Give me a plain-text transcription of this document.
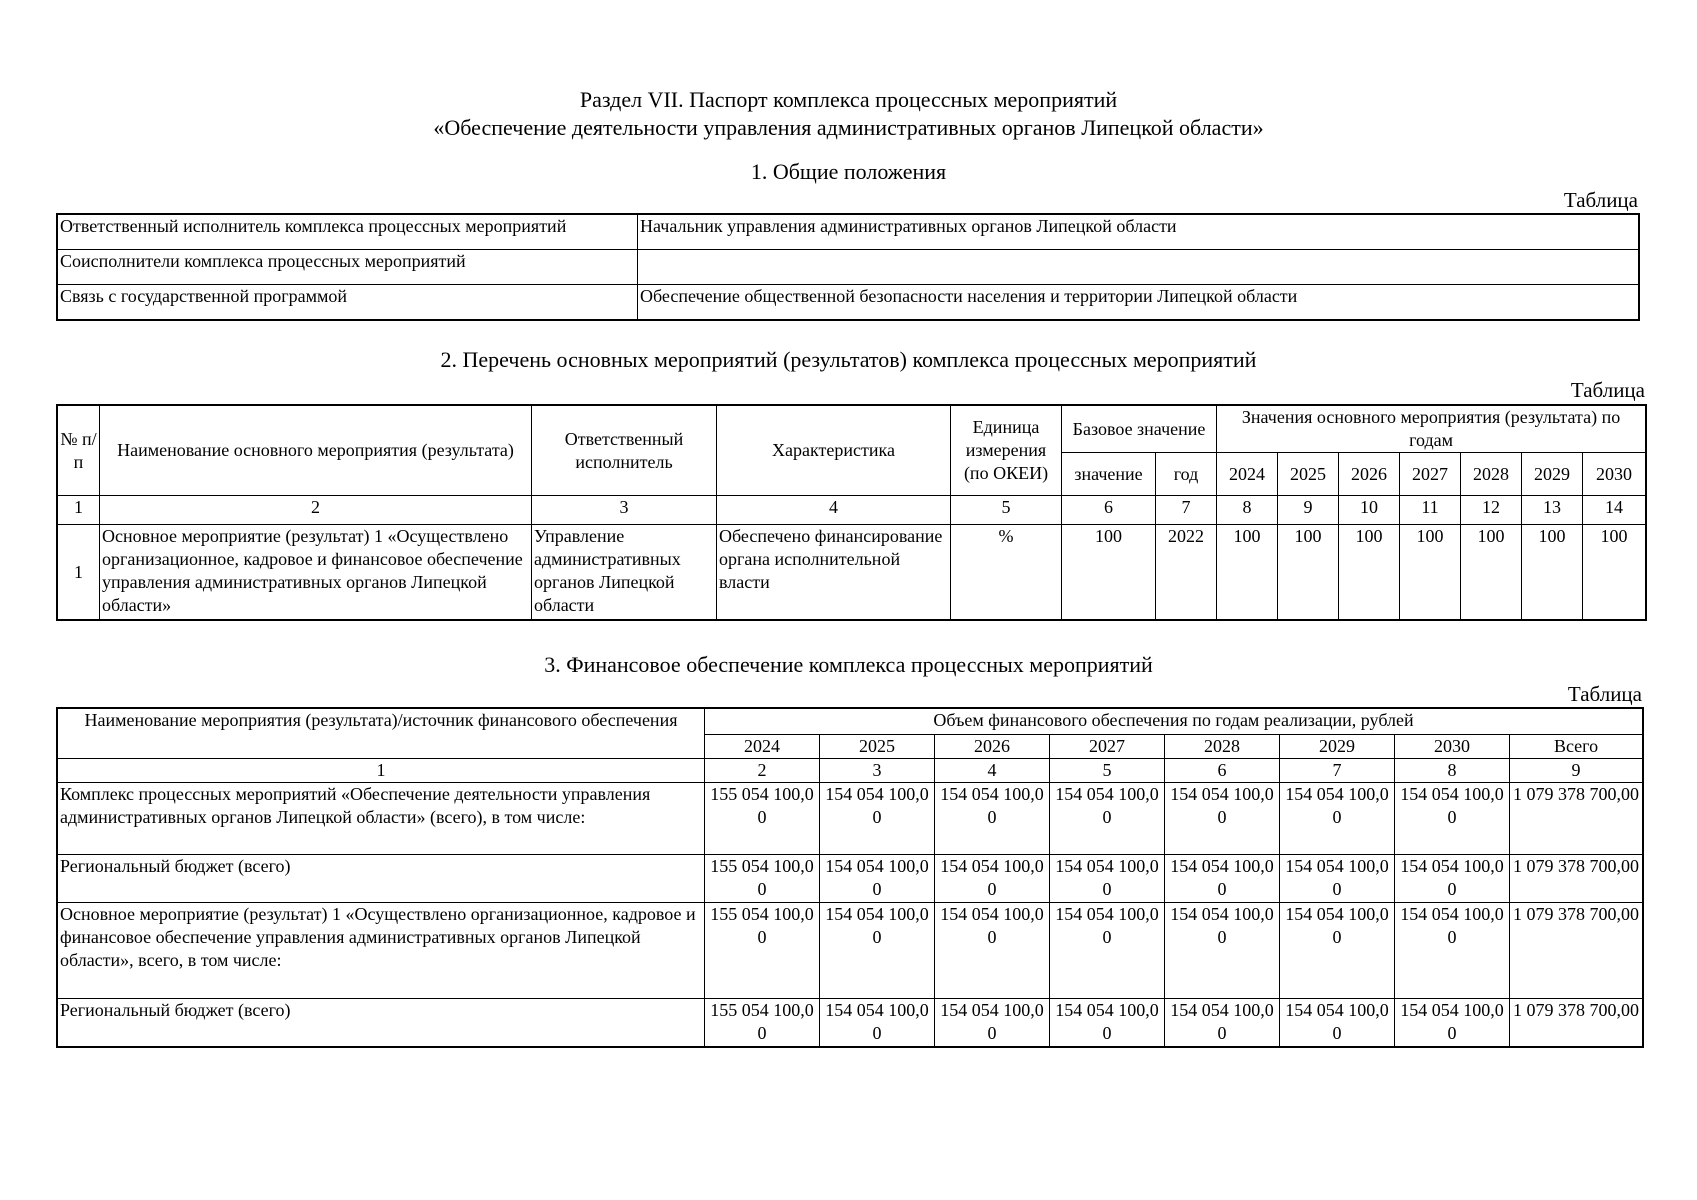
Раздел VII. Паспорт комплекса процессных мероприятий
«Обеспечение деятельности управления административных органов Липецкой области»
1. Общие положения
Таблица
Ответственный исполнитель комплекса процессных мероприятий	Начальник управления административных органов Липецкой области
Соисполнители комплекса процессных мероприятий	
Связь с государственной программой	Обеспечение общественной безопасности населения и территории Липецкой области
2. Перечень основных мероприятий (результатов) комплекса процессных мероприятий
Таблица
№ п/п	Наименование основного мероприятия (результата)	Ответственный исполнитель	Характеристика	Единица измерения (по ОКЕИ)	Базовое значение		Значения основного мероприятия (результата) по годам						
					значение	год	2024	2025	2026	2027	2028	2029	2030
1	2	3	4	5	6	7	8	9	10	11	12	13	14
1	Основное мероприятие (результат) 1 «Осуществлено организационное, кадровое и финансовое обеспечение управления административных органов Липецкой области»	Управление административных органов Липецкой области	Обеспечено финансирование органа исполнительной власти	%	100	2022	100	100	100	100	100	100	100
3. Финансовое обеспечение комплекса процессных мероприятий
Таблица
Наименование мероприятия (результата)/источник финансового обеспечения	Объем финансового обеспечения по годам реализации, рублей							
	2024	2025	2026	2027	2028	2029	2030	Всего
1	2	3	4	5	6	7	8	9
Комплекс процессных мероприятий «Обеспечение деятельности управления административных органов Липецкой области» (всего), в том числе:	155 054 100,00	154 054 100,00	154 054 100,00	154 054 100,00	154 054 100,00	154 054 100,00	154 054 100,00	1 079 378 700,00
Региональный бюджет (всего)	155 054 100,00	154 054 100,00	154 054 100,00	154 054 100,00	154 054 100,00	154 054 100,00	154 054 100,00	1 079 378 700,00
Основное мероприятие (результат) 1 «Осуществлено организационное, кадровое и финансовое обеспечение управления административных органов Липецкой области», всего, в том числе:	155 054 100,00	154 054 100,00	154 054 100,00	154 054 100,00	154 054 100,00	154 054 100,00	154 054 100,00	1 079 378 700,00
Региональный бюджет (всего)	155 054 100,00	154 054 100,00	154 054 100,00	154 054 100,00	154 054 100,00	154 054 100,00	154 054 100,00	1 079 378 700,00
